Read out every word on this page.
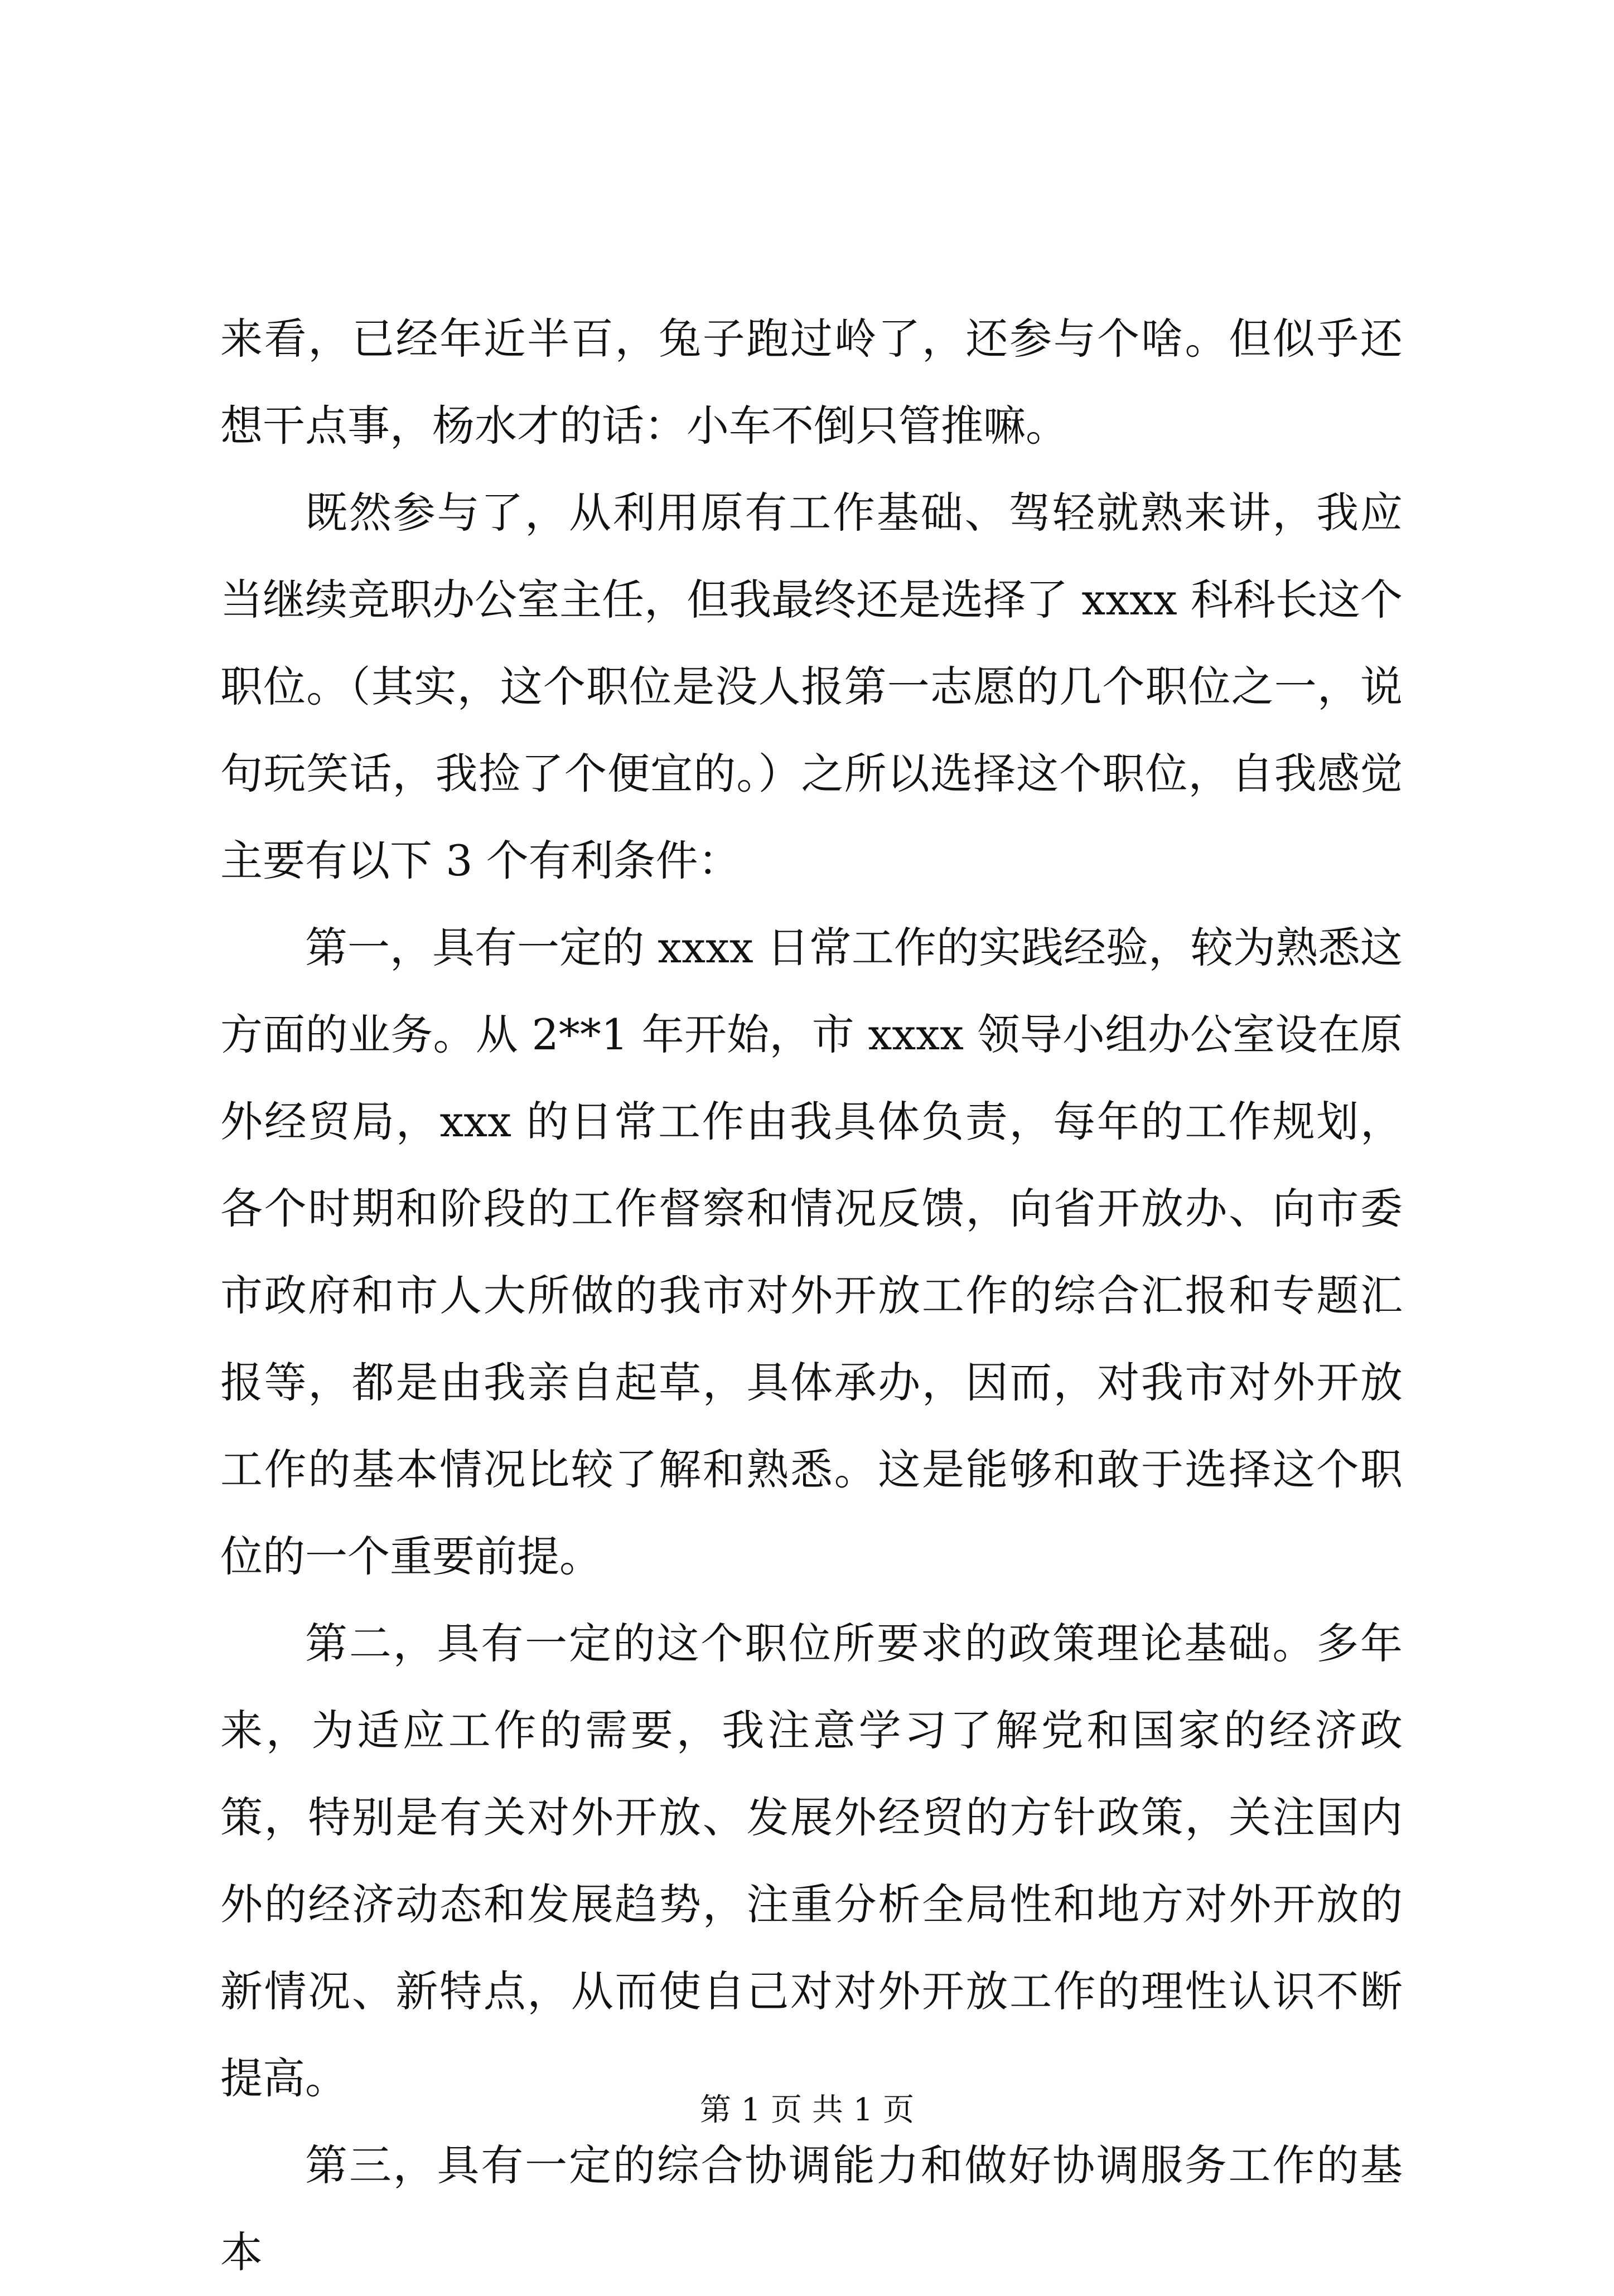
来看，已经年近半百，兔子跑过岭了，还参与个啥。但似乎还想干点事，杨水才的话：小车不倒只管推嘛。

既然参与了，从利用原有工作基础、驾轻就熟来讲，我应当继续竞职办公室主任，但我最终还是选择了 xxxx 科科长这个职位。（其实，这个职位是没人报第一志愿的几个职位之一，说句玩笑话，我捡了个便宜的。）之所以选择这个职位，自我感觉主要有以下 3 个有利条件：

第一，具有一定的 xxxx 日常工作的实践经验，较为熟悉这方面的业务。从 2**1 年开始，市 xxxx 领导小组办公室设在原外经贸局，xxx 的日常工作由我具体负责，每年的工作规划，各个时期和阶段的工作督察和情况反馈，向省开放办、向市委市政府和市人大所做的我市对外开放工作的综合汇报和专题汇报等，都是由我亲自起草，具体承办，因而，对我市对外开放工作的基本情况比较了解和熟悉。这是能够和敢于选择这个职位的一个重要前提。

第二，具有一定的这个职位所要求的政策理论基础。多年来，为适应工作的需要，我注意学习了解党和国家的经济政策，特别是有关对外开放、发展外经贸的方针政策，关注国内外的经济动态和发展趋势，注重分析全局性和地方对外开放的新情况、新特点，从而使自己对对外开放工作的理性认识不断提高。

第三，具有一定的综合协调能力和做好协调服务工作的基本

第 1 页 共 1 页
